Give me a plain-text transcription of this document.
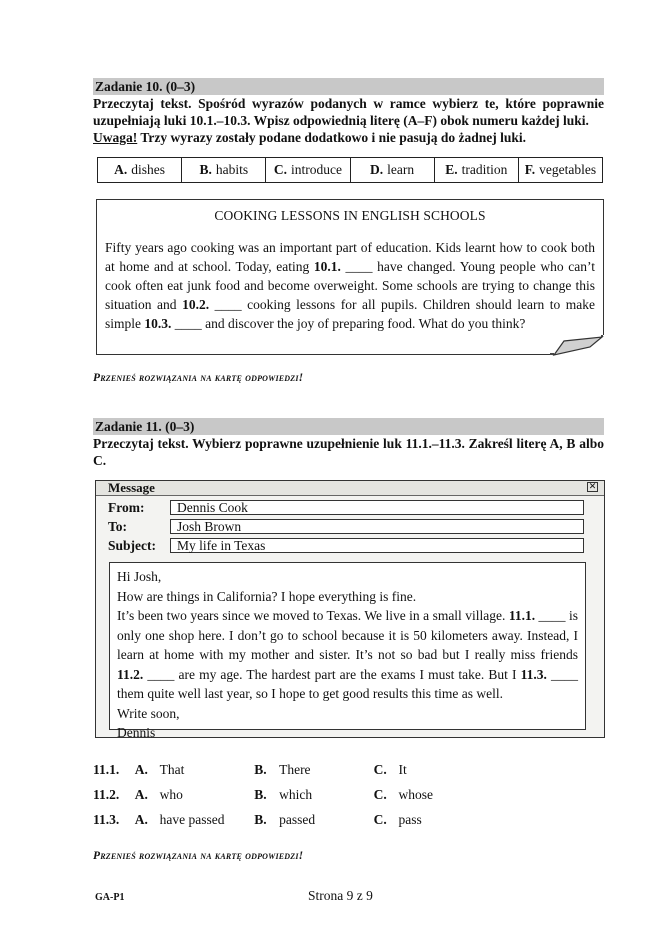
Zadanie 10. (0–3)
Przeczytaj tekst. Spośród wyrazów podanych w ramce wybierz te, które poprawnie uzupełniają luki 10.1.–10.3. Wpisz odpowiednią literę (A–F) obok numeru każdej luki.
Uwaga! Trzy wyrazy zostały podane dodatkowo i nie pasują do żadnej luki.
A. dishes	B. habits C. introduce D. learn E. tradition F. vegetables
COOKING LESSONS IN ENGLISH SCHOOLS
Fifty years ago cooking was an important part of education. Kids learnt how to cook both at home and at school. Today, eating 10.1. ____ have changed. Young people who can’t cook often eat junk food and become overweight. Some schools are trying to change this situation and 10.2. ____ cooking lessons for all pupils. Children should learn to make simple 10.3. ____ and discover the joy of preparing food. What do you think?
Przenieś rozwiązania na kartę odpowiedzi!
Zadanie 11. (0–3)
Przeczytaj tekst. Wybierz poprawne uzupełnienie luk 11.1.–11.3. Zakreśl literę A, B albo C.
Message	✕
From:	Dennis Cook
To:	Josh Brown
Subject:	My life in Texas

Hi Josh,

How are things in California? I hope everything is fine.

It’s been two years since we moved to Texas. We live in a small village. 11.1. ____ is only one shop here. I don’t go to school because it is 50 kilometers away. Instead, I learn at home with my mother and sister. It’s not so bad but I really miss friends 11.2. ____ are my age. The hardest part are the exams I must take. But I 11.3. ____ them quite well last year, so I hope to get good results this time as well.

Write soon,

Dennis

11.1.	A. That	B. There	C. It
11.2.	A. who	B. which	C. whose
11.3.	A. have passed	B. passed	C. pass
Przenieś rozwiązania na kartę odpowiedzi!
GA-P1	Strona 9 z 9
